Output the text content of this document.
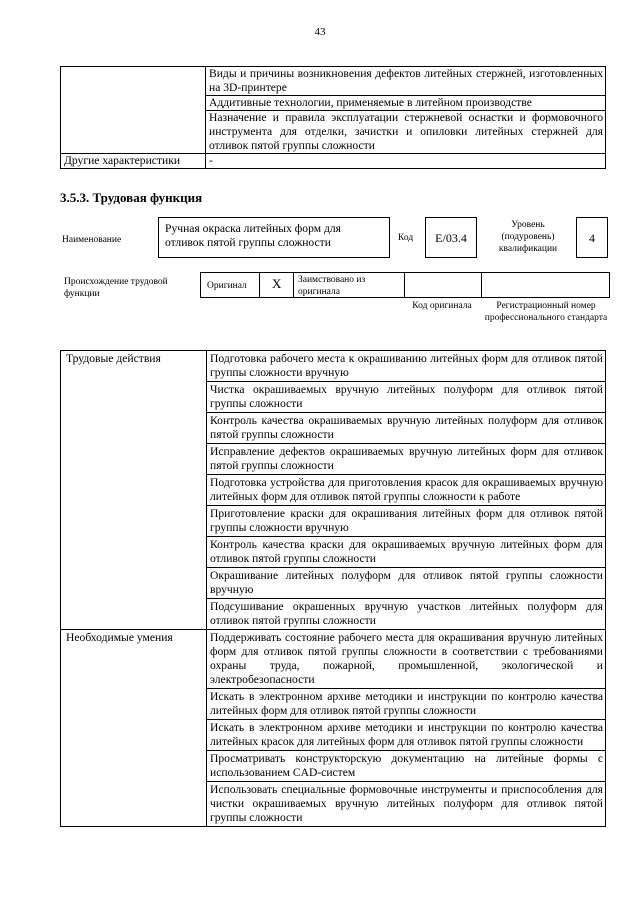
43
	Виды и причины возникновения дефектов литейных стержней, изготовленных на 3D-принтере
	Аддитивные технологии, применяемые в литейном производстве
	Назначение и правила эксплуатации стержневой оснастки и формовочного инструмента для отделки, зачистки и опиловки литейных стержней для отливок пятой группы сложности
Другие характеристики	-
3.5.3. Трудовая функция
Наименование
Ручная окраска литейных форм для отливок пятой группы сложности	Код	E/03.4
Уровень (подуровень) квалификации
4
Происхождение трудовой функции
Оригинал X Заимствовано из оригинала
Код оригинала	Регистрационный номер профессионального стандарта
Трудовые действия	Подготовка рабочего места к окрашиванию литейных форм для отливок пятой группы сложности вручную
	Чистка окрашиваемых вручную литейных полуформ для отливок пятой группы сложности
	Контроль качества окрашиваемых вручную литейных полуформ для отливок пятой группы сложности
	Исправление дефектов окрашиваемых вручную литейных форм для отливок пятой группы сложности
	Подготовка устройства для приготовления красок для окрашиваемых вручную литейных форм для отливок пятой группы сложности к работе
	Приготовление краски для окрашивания литейных форм для отливок пятой группы сложности вручную
	Контроль качества краски для окрашиваемых вручную литейных форм для отливок пятой группы сложности
	Окрашивание литейных полуформ для отливок пятой группы сложности вручную
	Подсушивание окрашенных вручную участков литейных полуформ для отливок пятой группы сложности
Необходимые умения	Поддерживать состояние рабочего места для окрашивания вручную литейных форм для отливок пятой группы сложности в соответствии с требованиями охраны труда, пожарной, промышленной, экологической и электробезопасности
	Искать в электронном архиве методики и инструкции по контролю качества литейных форм для отливок пятой группы сложности
	Искать в электронном архиве методики и инструкции по контролю качества литейных красок для литейных форм для отливок пятой группы сложности
	Просматривать конструкторскую документацию на литейные формы с использованием CAD-систем
	Использовать специальные формовочные инструменты и приспособления для чистки окрашиваемых вручную литейных полуформ для отливок пятой группы сложности
